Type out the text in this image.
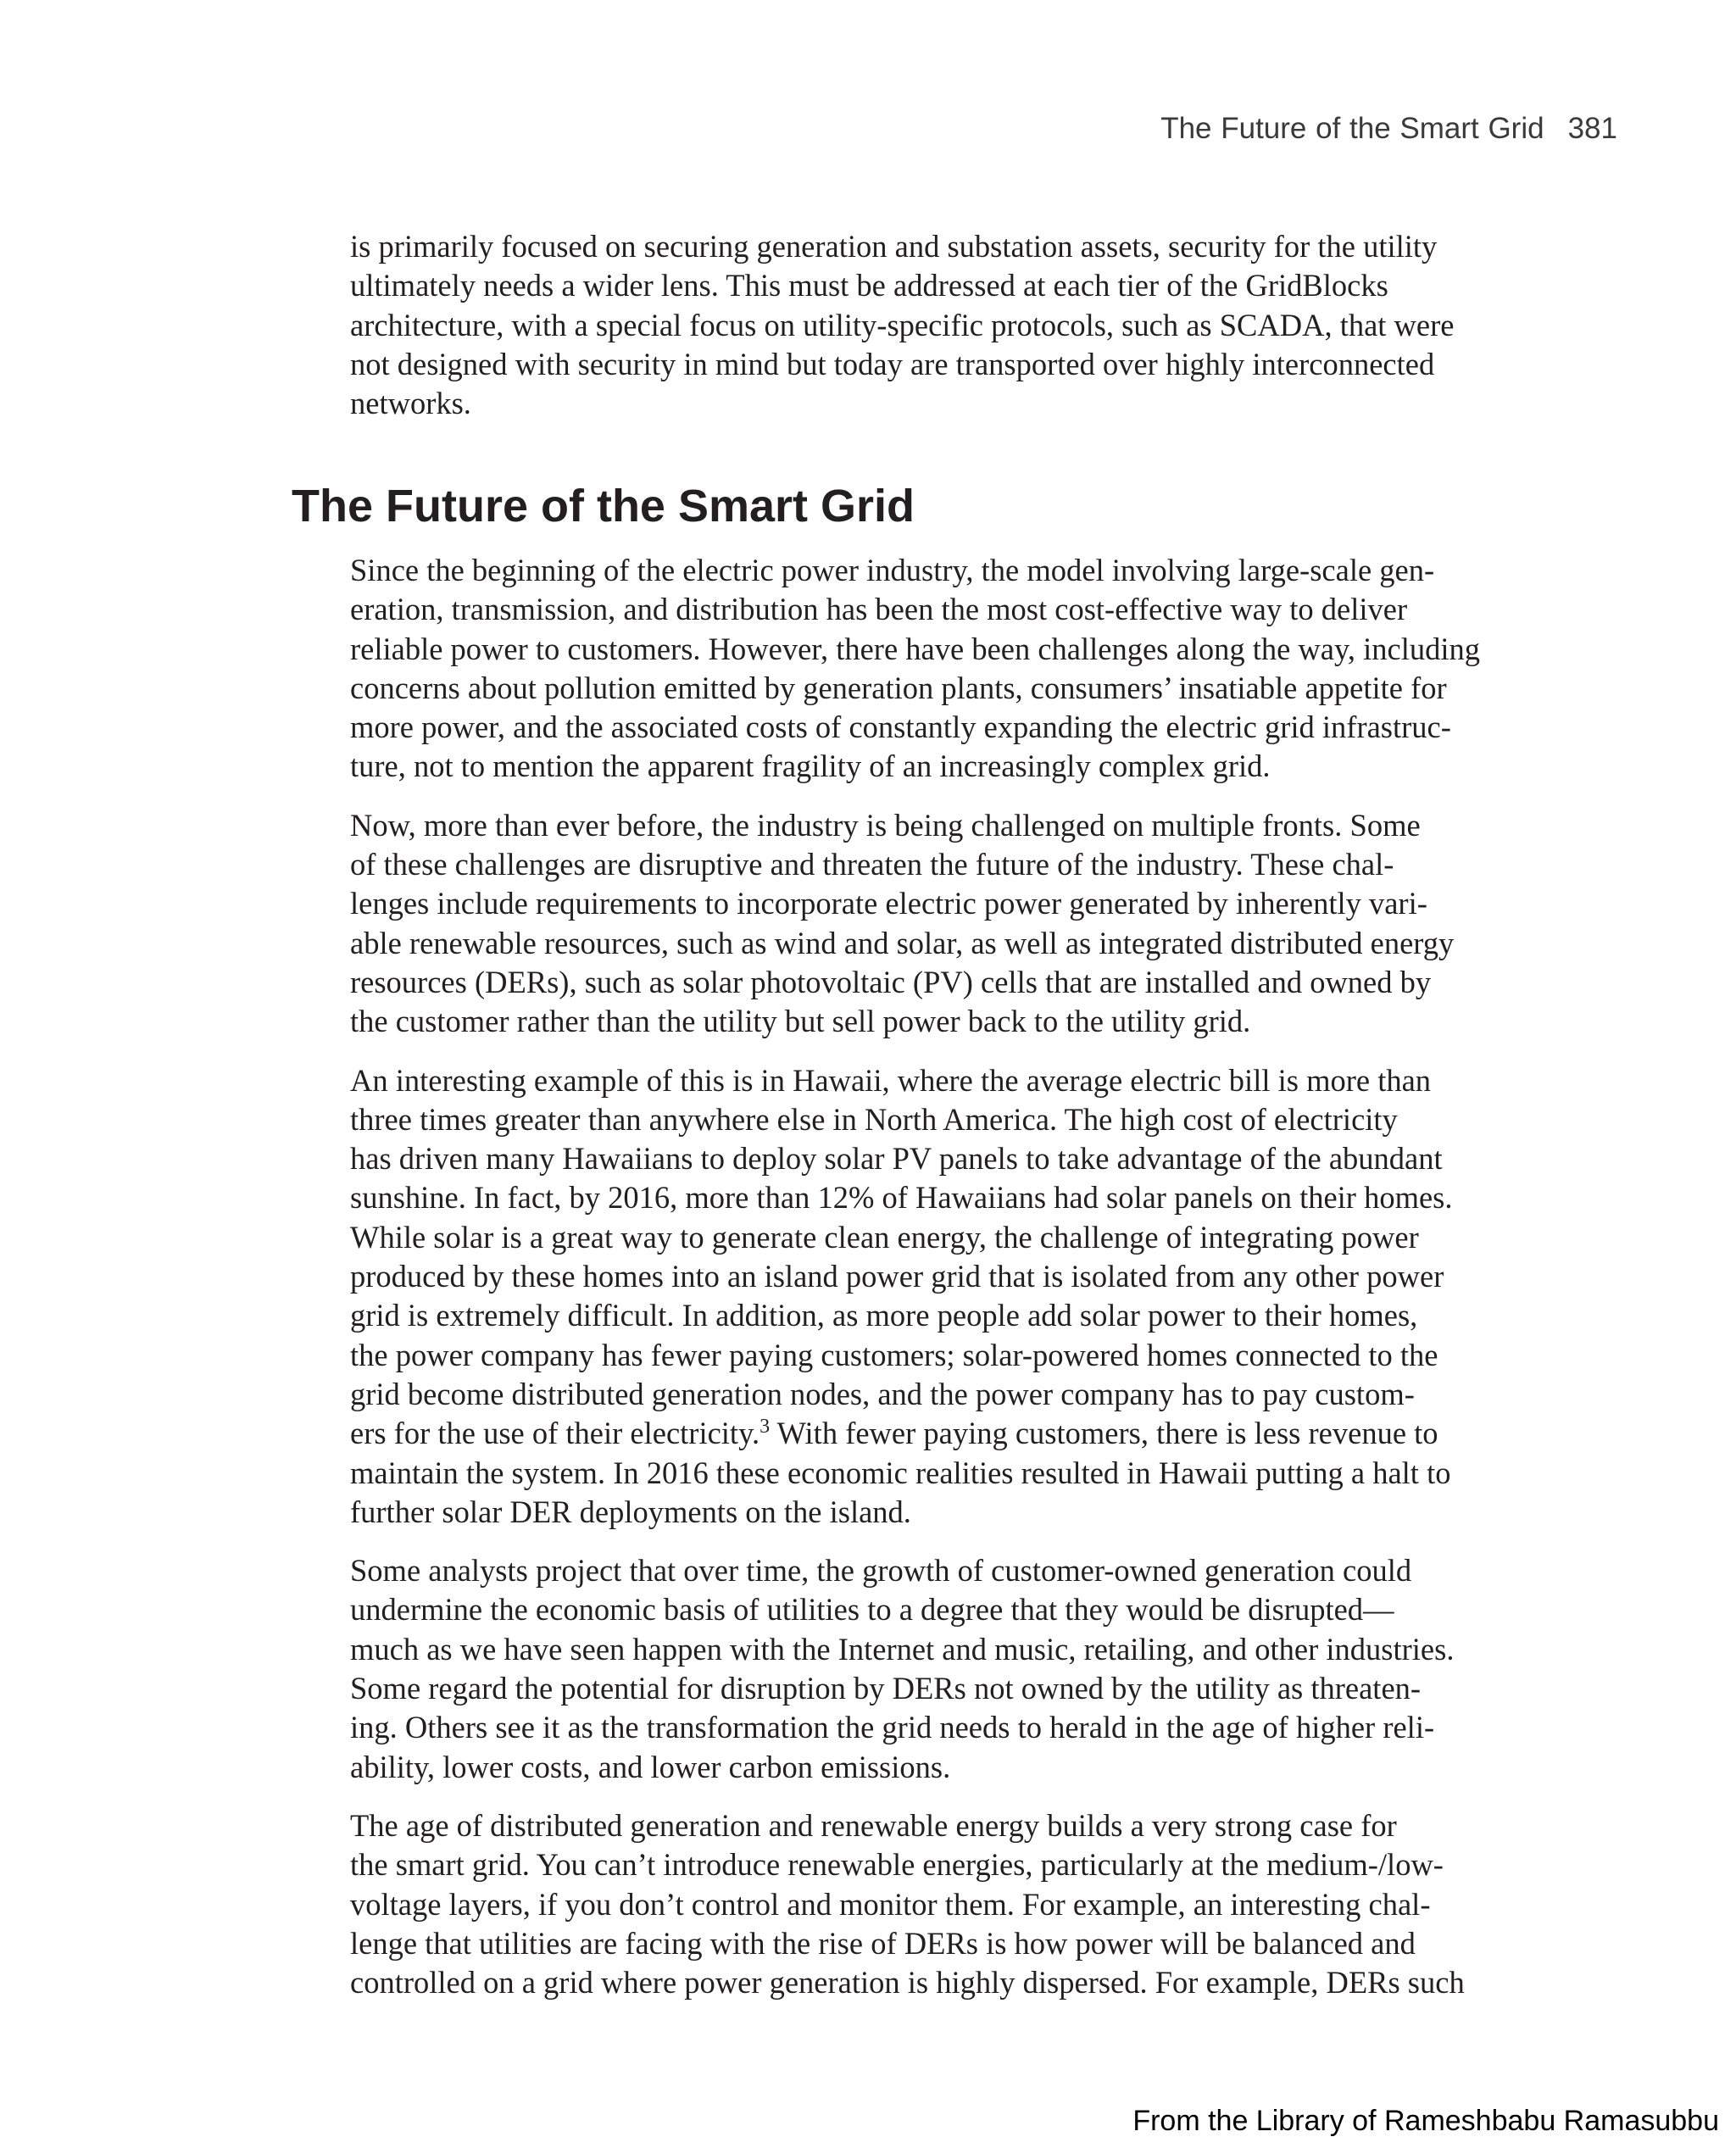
The Future of the Smart Grid 381

is primarily focused on securing generation and substation assets, security for the utility
ultimately needs a wider lens. This must be addressed at each tier of the GridBlocks
architecture, with a special focus on utility-specific protocols, such as SCADA, that were
not designed with security in mind but today are transported over highly interconnected
networks.

The Future of the Smart Grid

Since the beginning of the electric power industry, the model involving large-scale gen-
eration, transmission, and distribution has been the most cost-effective way to deliver
reliable power to customers. However, there have been challenges along the way, including
concerns about pollution emitted by generation plants, consumers’ insatiable appetite for
more power, and the associated costs of constantly expanding the electric grid infrastruc-
ture, not to mention the apparent fragility of an increasingly complex grid.

Now, more than ever before, the industry is being challenged on multiple fronts. Some
of these challenges are disruptive and threaten the future of the industry. These chal-
lenges include requirements to incorporate electric power generated by inherently vari-
able renewable resources, such as wind and solar, as well as integrated distributed energy
resources (DERs), such as solar photovoltaic (PV) cells that are installed and owned by
the customer rather than the utility but sell power back to the utility grid.

An interesting example of this is in Hawaii, where the average electric bill is more than
three times greater than anywhere else in North America. The high cost of electricity
has driven many Hawaiians to deploy solar PV panels to take advantage of the abundant
sunshine. In fact, by 2016, more than 12% of Hawaiians had solar panels on their homes.
While solar is a great way to generate clean energy, the challenge of integrating power
produced by these homes into an island power grid that is isolated from any other power
grid is extremely difficult. In addition, as more people add solar power to their homes,
the power company has fewer paying customers; solar-powered homes connected to the
grid become distributed generation nodes, and the power company has to pay custom-
ers for the use of their electricity.$^3$ With fewer paying customers, there is less revenue to
maintain the system. In 2016 these economic realities resulted in Hawaii putting a halt to
further solar DER deployments on the island.

Some analysts project that over time, the growth of customer-owned generation could
undermine the economic basis of utilities to a degree that they would be disrupted—
much as we have seen happen with the Internet and music, retailing, and other industries.
Some regard the potential for disruption by DERs not owned by the utility as threaten-
ing. Others see it as the transformation the grid needs to herald in the age of higher reli-
ability, lower costs, and lower carbon emissions.

The age of distributed generation and renewable energy builds a very strong case for
the smart grid. You can’t introduce renewable energies, particularly at the medium-/low-
voltage layers, if you don’t control and monitor them. For example, an interesting chal-
lenge that utilities are facing with the rise of DERs is how power will be balanced and
controlled on a grid where power generation is highly dispersed. For example, DERs such

From the Library of Rameshbabu Ramasubbu
